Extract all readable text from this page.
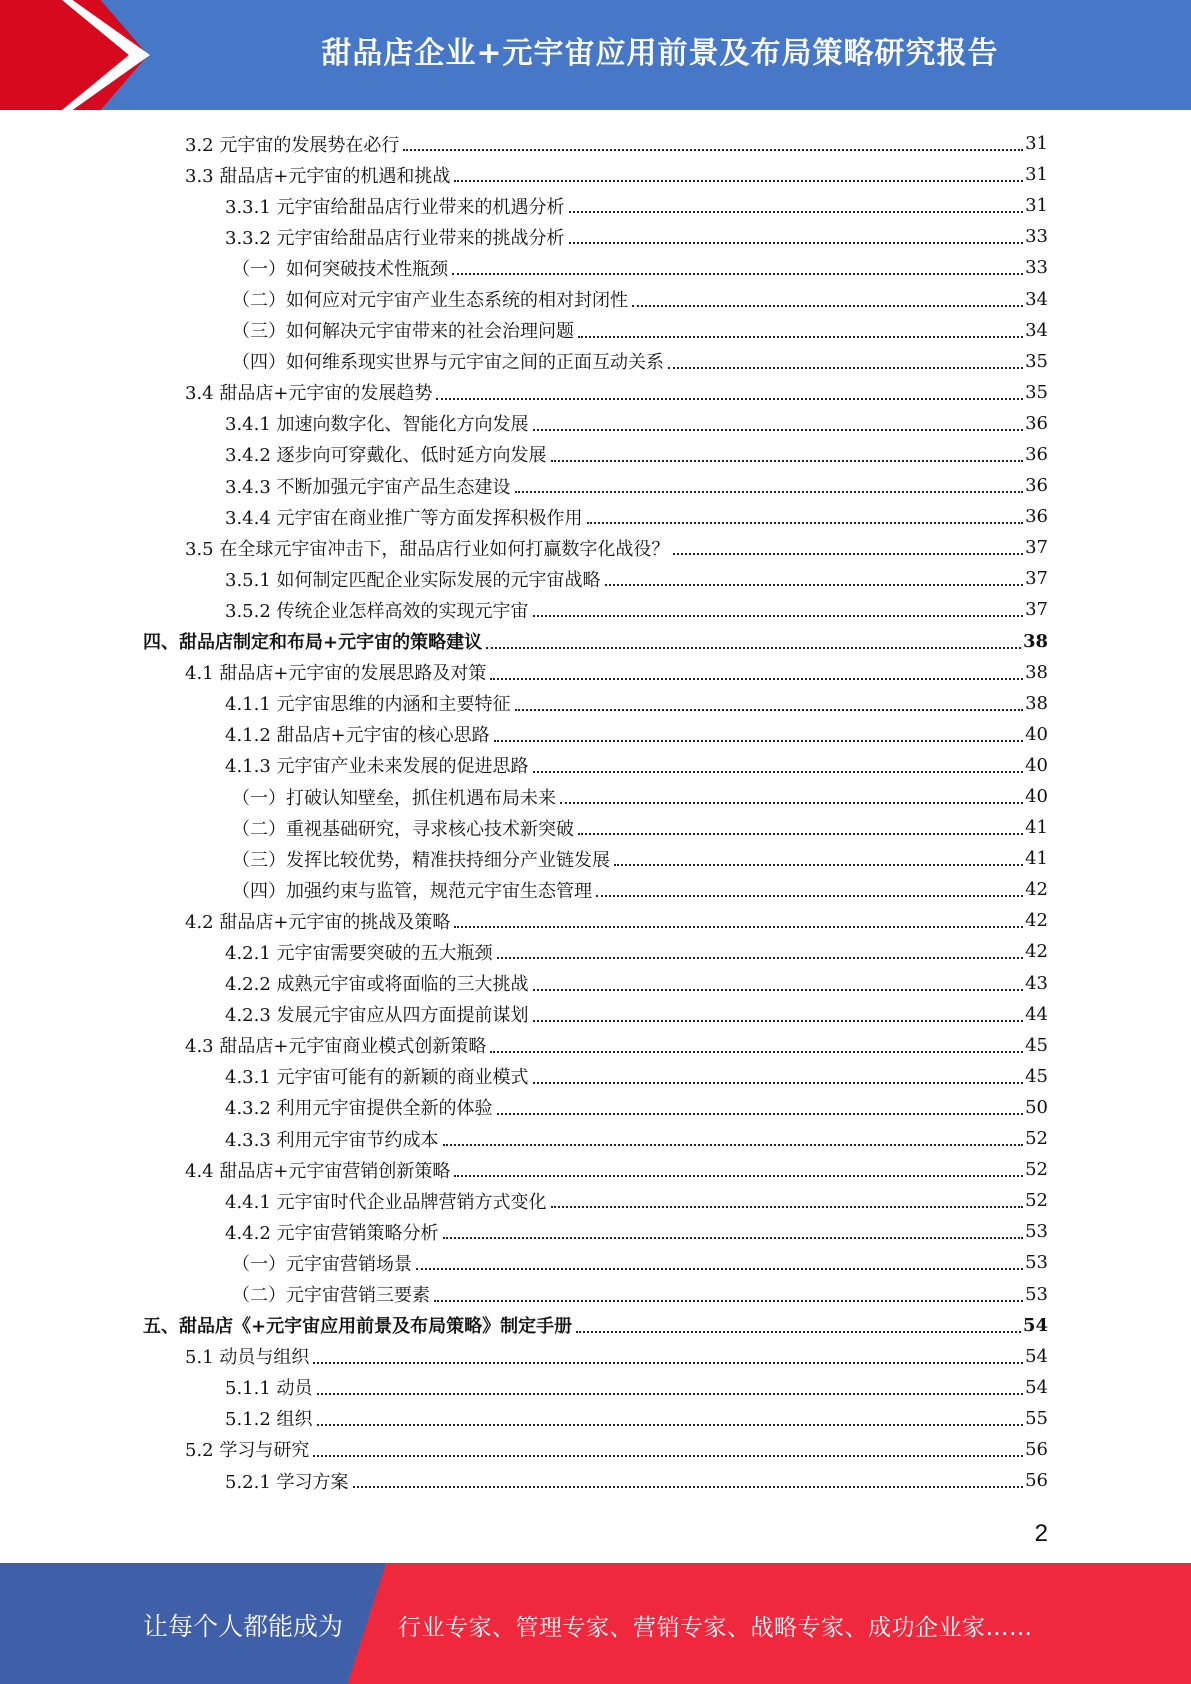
甜品店企业+元宇宙应用前景及布局策略研究报告
3.2 元宇宙的发展势在必行	31
3.3 甜品店+元宇宙的机遇和挑战	31
3.3.1 元宇宙给甜品店行业带来的机遇分析	31
3.3.2 元宇宙给甜品店行业带来的挑战分析	33
（一）如何突破技术性瓶颈	33
（二）如何应对元宇宙产业生态系统的相对封闭性	34
（三）如何解决元宇宙带来的社会治理问题	34
（四）如何维系现实世界与元宇宙之间的正面互动关系	35
3.4 甜品店+元宇宙的发展趋势	35
3.4.1 加速向数字化、智能化方向发展	36
3.4.2 逐步向可穿戴化、低时延方向发展	36
3.4.3 不断加强元宇宙产品生态建设	36
3.4.4 元宇宙在商业推广等方面发挥积极作用	36
3.5 在全球元宇宙冲击下，甜品店行业如何打赢数字化战役？	37
3.5.1 如何制定匹配企业实际发展的元宇宙战略	37
3.5.2 传统企业怎样高效的实现元宇宙	37
四、甜品店制定和布局+元宇宙的策略建议	38
4.1 甜品店+元宇宙的发展思路及对策	38
4.1.1 元宇宙思维的内涵和主要特征	38
4.1.2 甜品店+元宇宙的核心思路	40
4.1.3 元宇宙产业未来发展的促进思路	40
（一）打破认知壁垒，抓住机遇布局未来	40
（二）重视基础研究，寻求核心技术新突破	41
（三）发挥比较优势，精准扶持细分产业链发展	41
（四）加强约束与监管，规范元宇宙生态管理	42
4.2 甜品店+元宇宙的挑战及策略	42
4.2.1 元宇宙需要突破的五大瓶颈	42
4.2.2 成熟元宇宙或将面临的三大挑战	43
4.2.3 发展元宇宙应从四方面提前谋划	44
4.3 甜品店+元宇宙商业模式创新策略	45
4.3.1 元宇宙可能有的新颖的商业模式	45
4.3.2 利用元宇宙提供全新的体验	50
4.3.3 利用元宇宙节约成本	52
4.4 甜品店+元宇宙营销创新策略	52
4.4.1 元宇宙时代企业品牌营销方式变化	52
4.4.2 元宇宙营销策略分析	53
（一）元宇宙营销场景	53
（二）元宇宙营销三要素	53
五、甜品店《+元宇宙应用前景及布局策略》制定手册	54
5.1 动员与组织	54
5.1.1 动员	54
5.1.2 组织	55
5.2 学习与研究	56
5.2.1 学习方案	56
2
让每个人都能成为 行业专家、管理专家、营销专家、战略专家、成功企业家……
